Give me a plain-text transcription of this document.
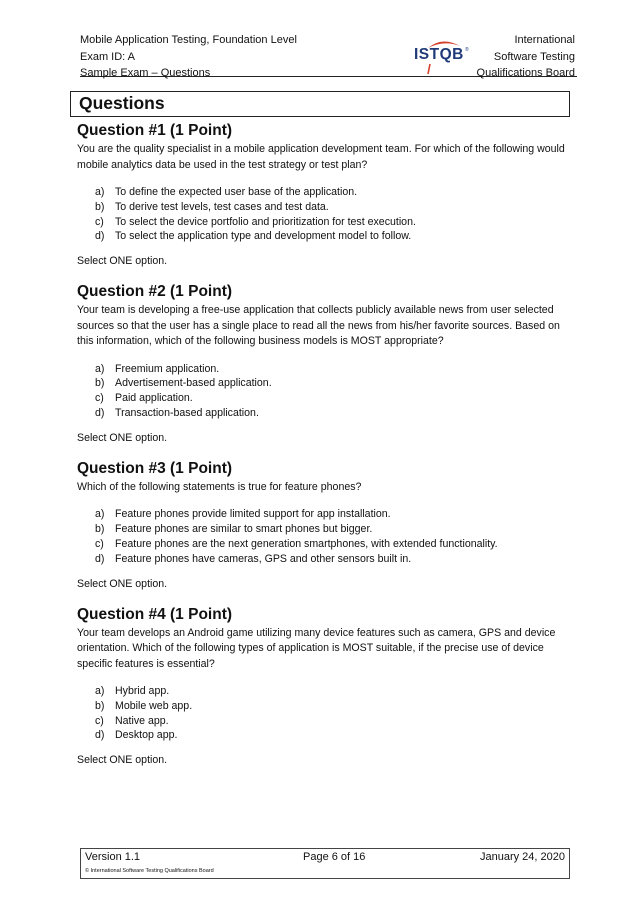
Mobile Application Testing, Foundation Level
Exam ID: A
Sample Exam – Questions
ISTQB ®
International
Software Testing
Qualifications Board
Questions
Question #1 (1 Point)

You are the quality specialist in a mobile application development team. For which of the following would mobile analytics data be used in the test strategy or test plan?

a) To define the expected user base of the application.
b) To derive test levels, test cases and test data.
c)	To select the device portfolio and prioritization for test execution.
d) To select the application type and development model to follow.

Select ONE option.

Question #2 (1 Point)

Your team is developing a free-use application that collects publicly available news from user selected sources so that the user has a single place to read all the news from his/her favorite sources. Based on this information, which of the following business models is MOST appropriate?

a) Freemium application.
b) Advertisement-based application.
c)	Paid application.
d) Transaction-based application.

Select ONE option.

Question #3 (1 Point)

Which of the following statements is true for feature phones?

a) Feature phones provide limited support for app installation.
b) Feature phones are similar to smart phones but bigger.
c)	Feature phones are the next generation smartphones, with extended functionality.
d) Feature phones have cameras, GPS and other sensors built in.

Select ONE option.

Question #4 (1 Point)

Your team develops an Android game utilizing many device features such as camera, GPS and device orientation. Which of the following types of application is MOST suitable, if the precise use of device specific features is essential?

a) Hybrid app.
b) Mobile web app.
c)	Native app.
d) Desktop app.

Select ONE option.

Version 1.1	Page 6 of 16	January 24, 2020
© International Software Testing Qualifications Board
